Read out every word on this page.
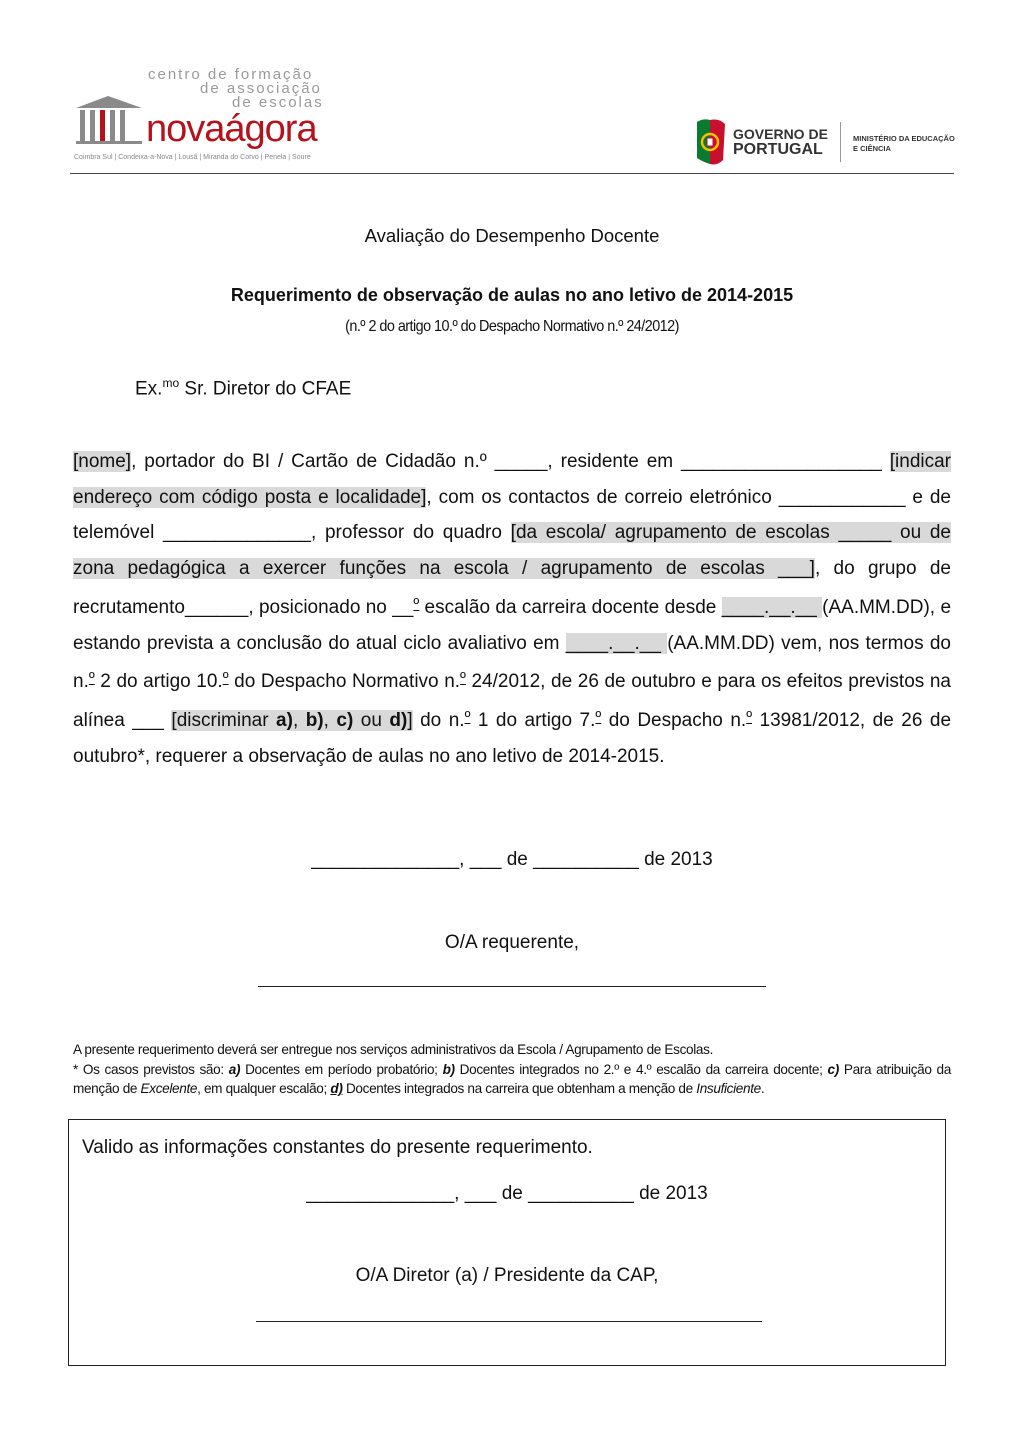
centro de formação
de associação
de escolas
novaágora
Coimbra Sul | Condeixa-a-Nova | Lousã | Miranda do Corvo | Penela | Soure
GOVERNO DE
PORTUGAL
MINISTÉRIO DA EDUCAÇÃO
E CIÊNCIA
Avaliação do Desempenho Docente
Requerimento de observação de aulas no ano letivo de 2014-2015
(n.º 2 do artigo 10.º do Despacho Normativo n.º 24/2012)
Ex.$^{mo}$ Sr. Diretor do CFAE
[nome], portador do BI / Cartão de Cidadão n.º _____, residente em ___________________ [indicar endereço com código posta e localidade], com os contactos de correio eletrónico ____________ e de telemóvel ______________, professor do quadro [da escola/ agrupamento de escolas _____ ou de zona pedagógica a exercer funções na escola / agrupamento de escolas ___], do grupo de recrutamento______, posicionado no __$^º$ escalão da carreira docente desde ____.__.__ (AA.MM.DD), e estando prevista a conclusão do atual ciclo avaliativo em ____.__.__ (AA.MM.DD) vem, nos termos do n.$^º$ 2 do artigo 10.$^º$ do Despacho Normativo n.$^º$ 24/2012, de 26 de outubro e para os efeitos previstos na alínea ___ [discriminar a), b), c) ou d)] do n.$^º$ 1 do artigo 7.$^º$ do Despacho n.$^º$ 13981/2012, de 26 de outubro*, requerer a observação de aulas no ano letivo de 2014-2015.
______________, ___ de __________ de 2013
O/A requerente,
A presente requerimento deverá ser entregue nos serviços administrativos da Escola / Agrupamento de Escolas.
* Os casos previstos são: a) Docentes em período probatório; b) Docentes integrados no 2.º e 4.º escalão da carreira docente; c) Para atribuição da menção de Excelente, em qualquer escalão; d) Docentes integrados na carreira que obtenham a menção de Insuficiente.
Valido as informações constantes do presente requerimento.
______________, ___ de __________ de 2013
O/A Diretor (a) / Presidente da CAP,
